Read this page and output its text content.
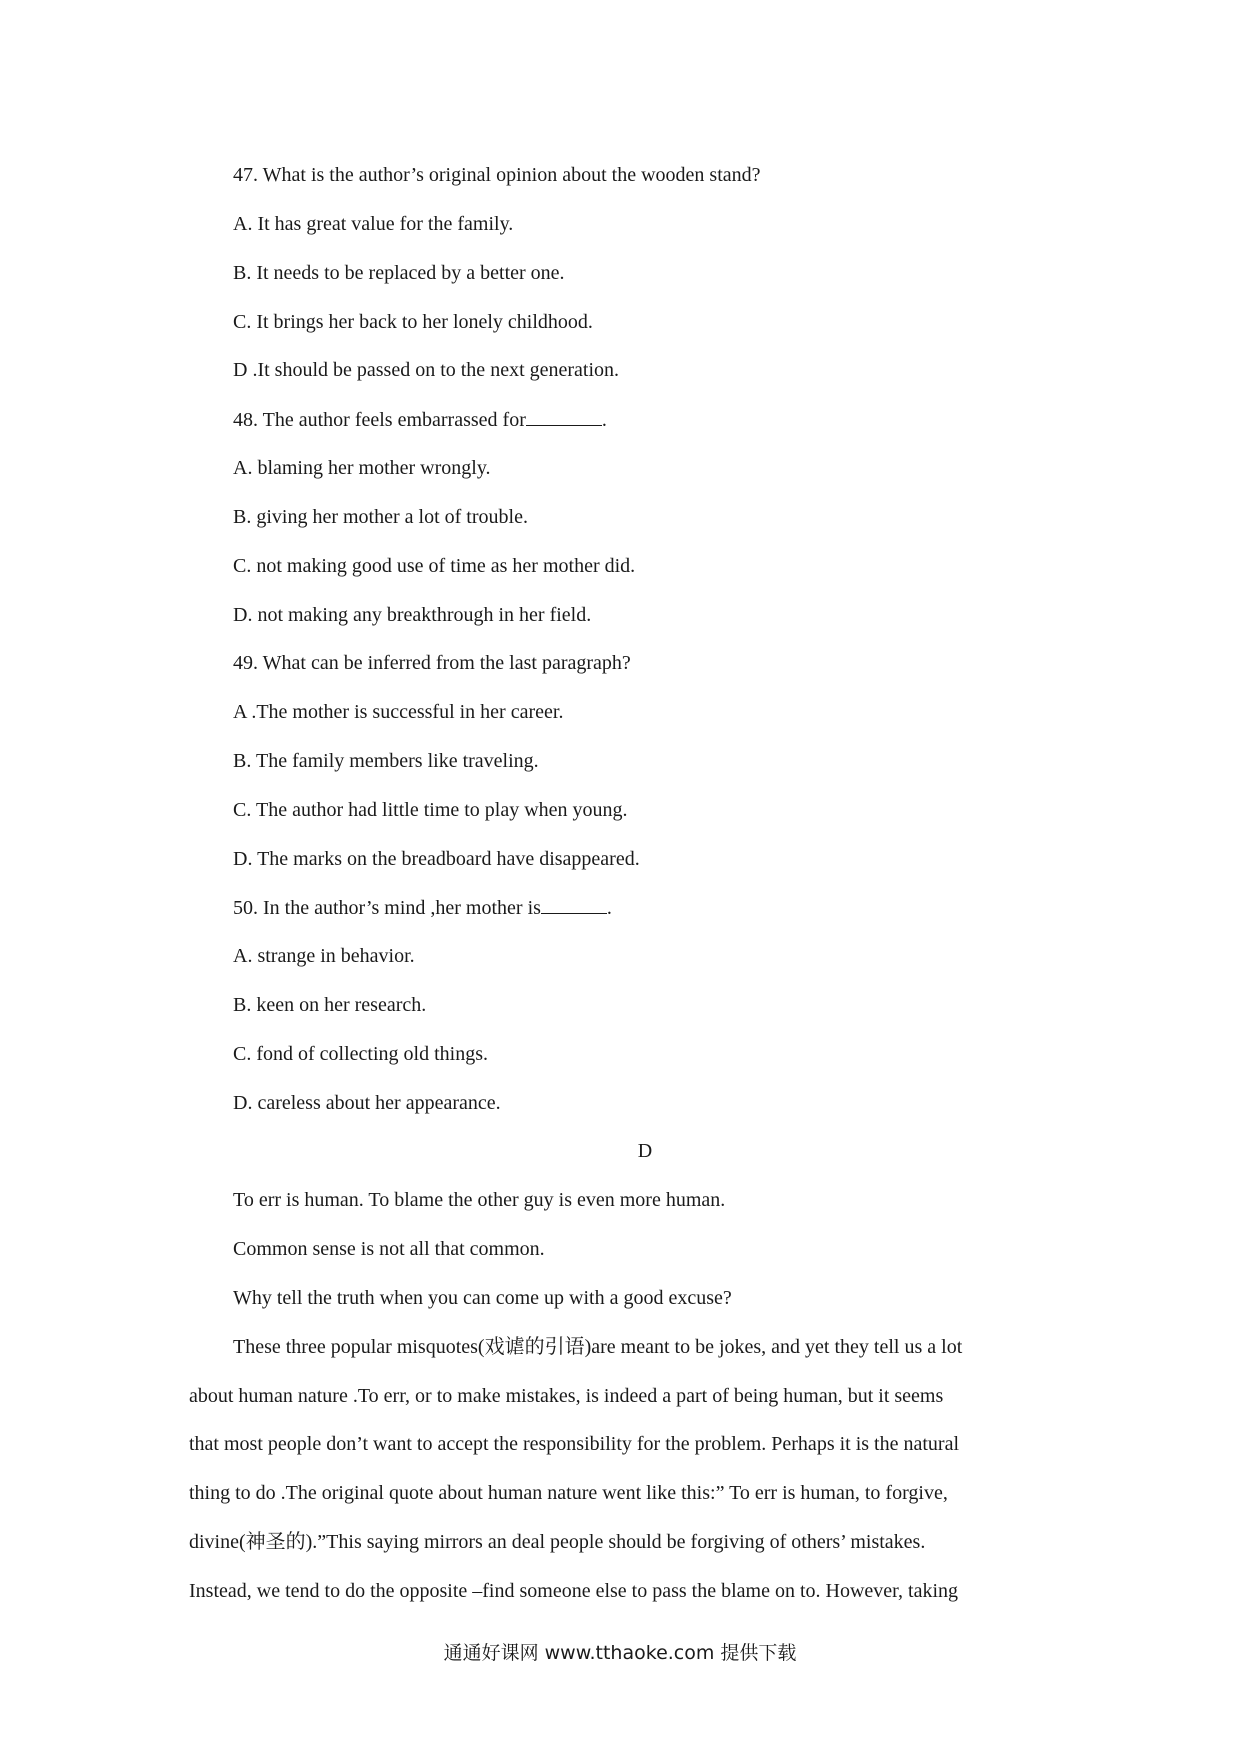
47. What is the author’s original opinion about the wooden stand?
A. It has great value for the family.
B. It needs to be replaced by a better one.
C. It brings her back to her lonely childhood.
D .It should be passed on to the next generation.
48. The author feels embarrassed for	.
A. blaming her mother wrongly.
B. giving her mother a lot of trouble.
C. not making good use of time as her mother did.
D. not making any breakthrough in her field.
49. What can be inferred from the last paragraph?
A .The mother is successful in her career.
B. The family members like traveling.
C. The author had little time to play when young.
D. The marks on the breadboard have disappeared.
50. In the author’s mind ,her mother is	.
A. strange in behavior.
B. keen on her research.
C. fond of collecting old things.
D. careless about her appearance.
D
To err is human. To blame the other guy is even more human.
Common sense is not all that common.
Why tell the truth when you can come up with a good excuse?
These three popular misquotes(戏谑的引语)are meant to be jokes, and yet they tell us a lot
about human nature .To err, or to make mistakes, is indeed a part of being human, but it seems
that most people don’t want to accept the responsibility for the problem. Perhaps it is the natural
thing to do .The original quote about human nature went like this:” To err is human, to forgive,
divine(神圣的).”This saying mirrors an deal people should be forgiving of others’ mistakes.
Instead, we tend to do the opposite –find someone else to pass the blame on to. However, taking
通通好课网 www.tthaoke.com 提供下载
